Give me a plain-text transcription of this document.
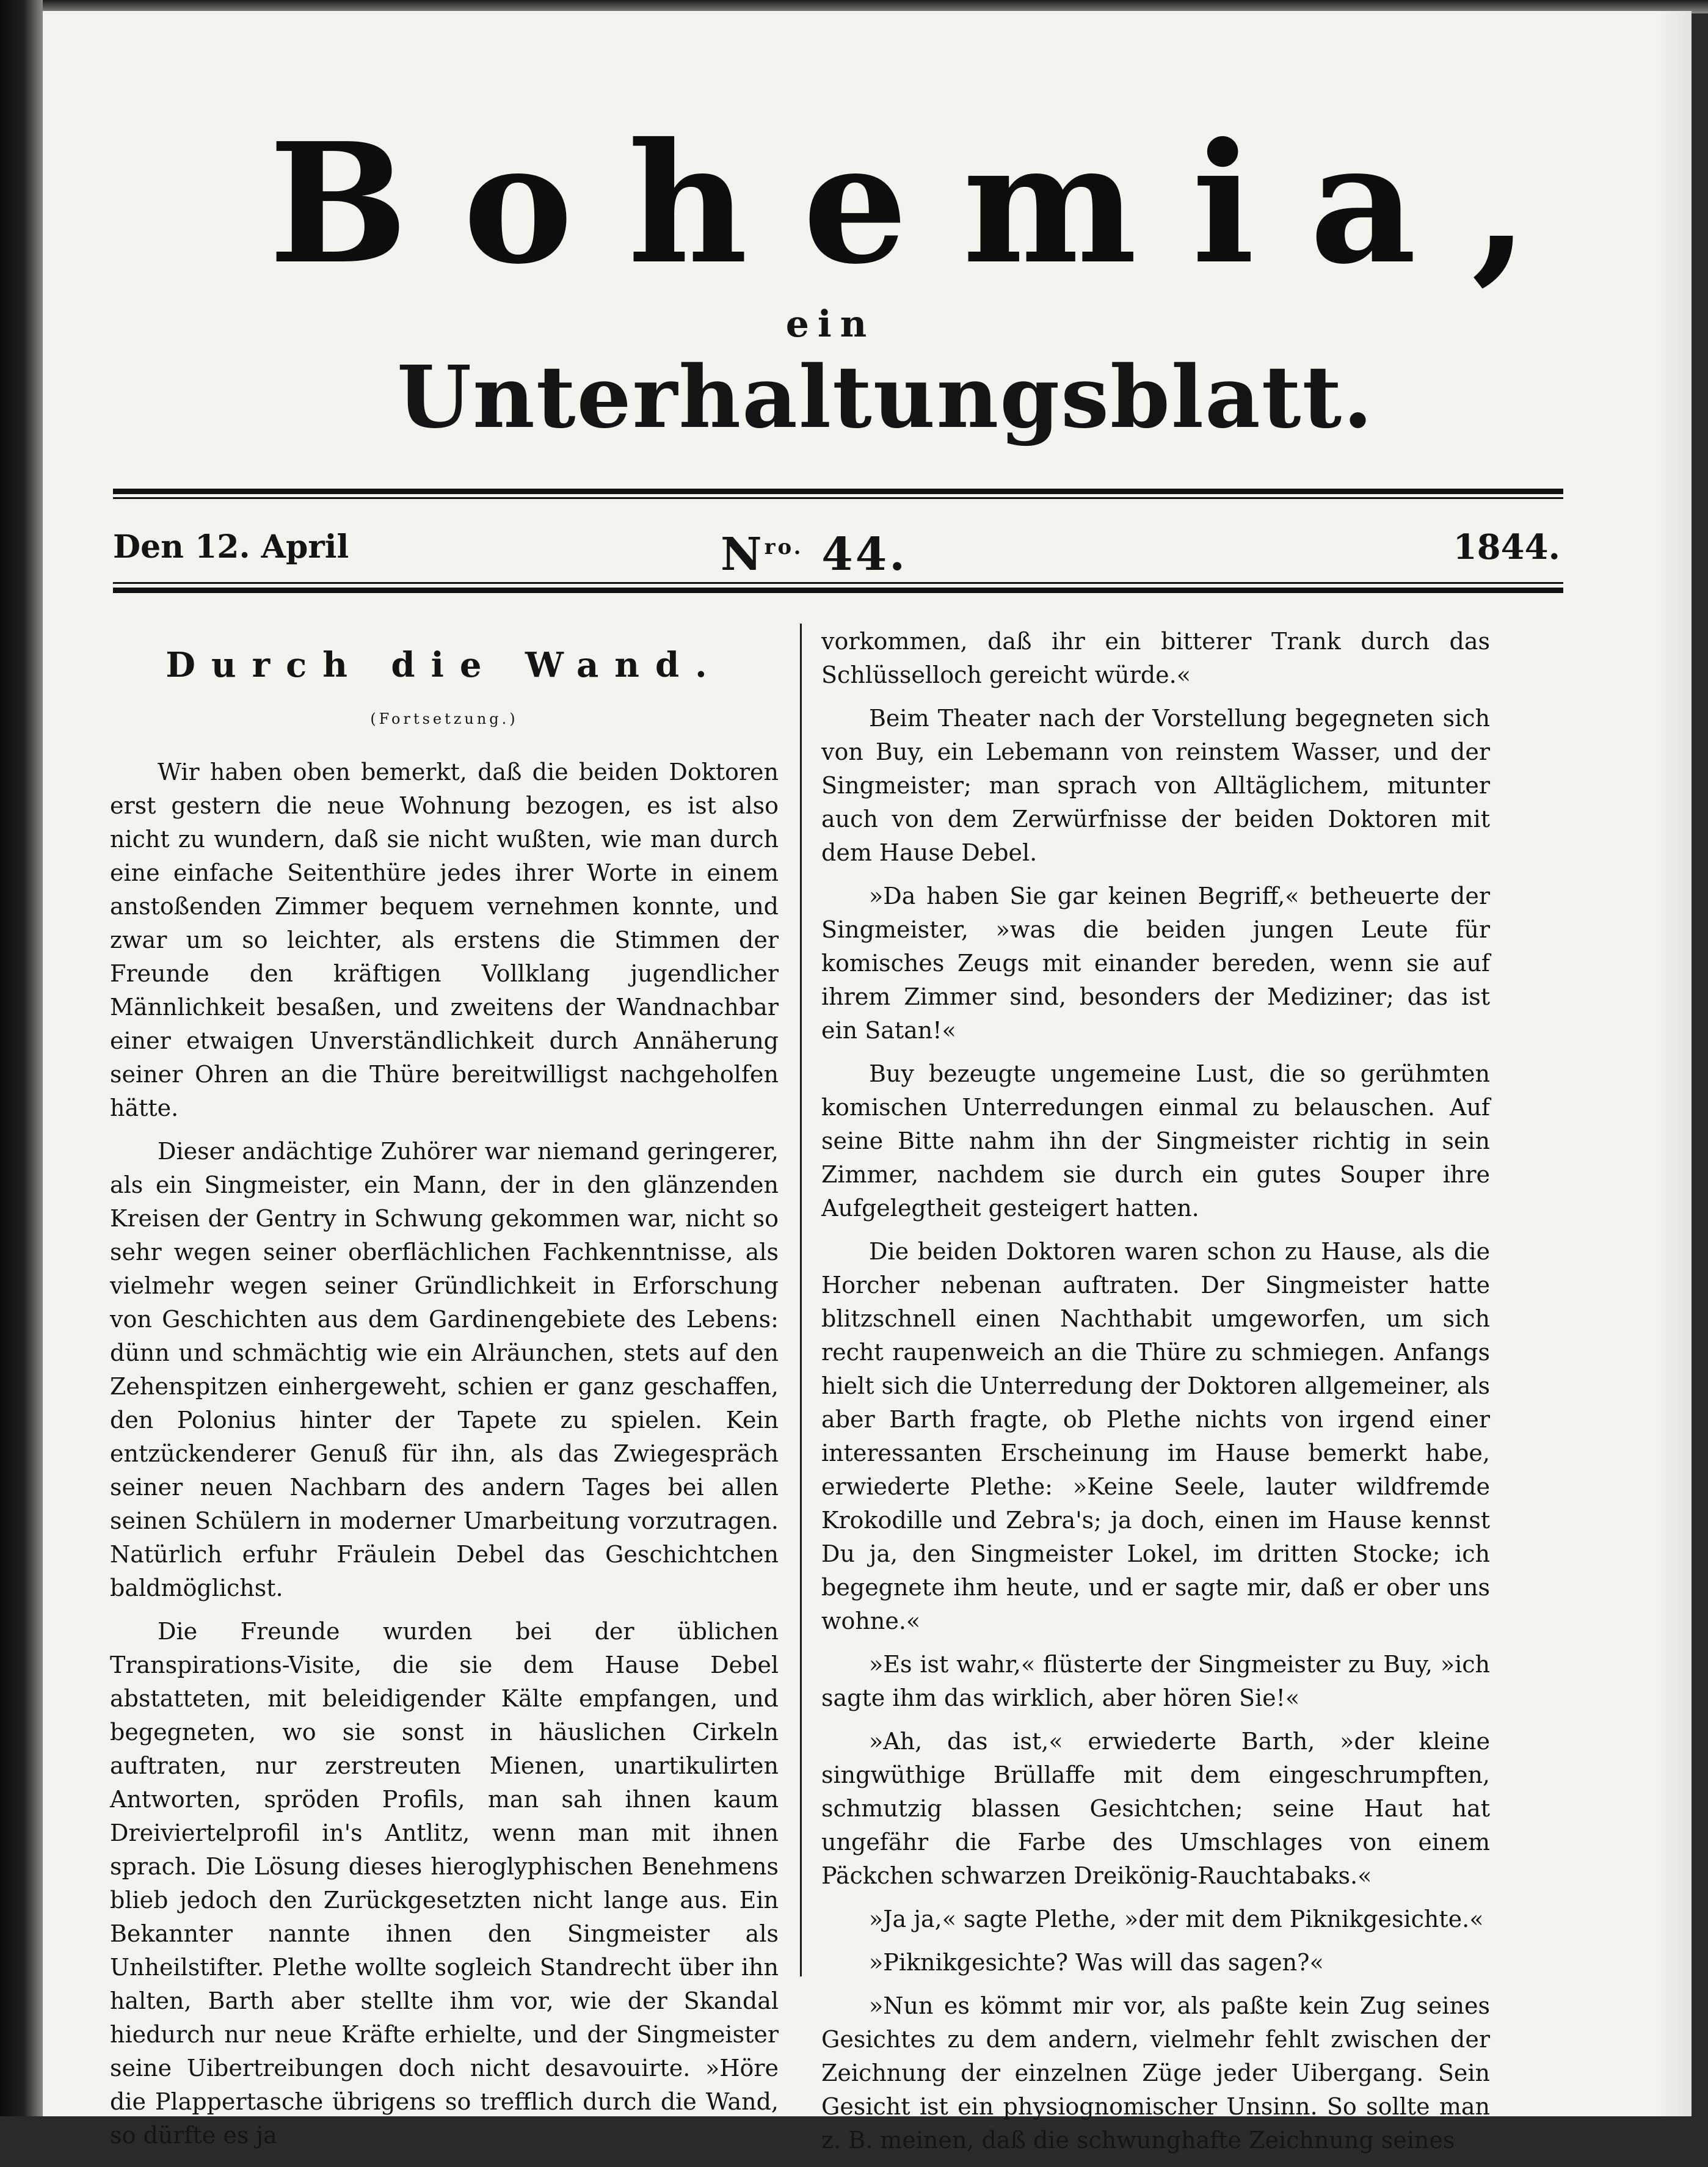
Bohemia,
ein
Unterhaltungsblatt.
Den 12. April	$N^{ro.}$ 44.	1844.
Durch die Wand.
(Fortsetzung.)

Wir haben oben bemerkt, daß die beiden Doktoren erst gestern die neue Wohnung bezogen, es ist also nicht zu wundern, daß sie nicht wußten, wie man durch eine einfache Seitenthüre jedes ihrer Worte in einem anstoßenden Zimmer bequem vernehmen konnte, und zwar um so leichter, als erstens die Stimmen der Freunde den kräftigen Vollklang jugendlicher Männlichkeit besaßen, und zweitens der Wandnachbar einer etwaigen Unverständlichkeit durch Annäherung seiner Ohren an die Thüre bereitwilligst nachgeholfen hätte.

Dieser andächtige Zuhörer war niemand geringerer, als ein Singmeister, ein Mann, der in den glänzenden Kreisen der Gentry in Schwung gekommen war, nicht so sehr wegen seiner oberflächlichen Fachkenntnisse, als vielmehr wegen seiner Gründlichkeit in Erforschung von Geschichten aus dem Gardinengebiete des Lebens: dünn und schmächtig wie ein Alräunchen, stets auf den Zehenspitzen einhergeweht, schien er ganz geschaffen, den Polonius hinter der Tapete zu spielen. Kein entzückenderer Genuß für ihn, als das Zwiegespräch seiner neuen Nachbarn des andern Tages bei allen seinen Schülern in moderner Umarbeitung vorzutragen. Natürlich erfuhr Fräulein Debel das Geschichtchen baldmöglichst.

Die Freunde wurden bei der üblichen Transpirations-Visite, die sie dem Hause Debel abstatteten, mit beleidigender Kälte empfangen, und begegneten, wo sie sonst in häuslichen Cirkeln auftraten, nur zerstreuten Mienen, unartikulirten Antworten, spröden Profils, man sah ihnen kaum Dreiviertelprofil in's Antlitz, wenn man mit ihnen sprach. Die Lösung dieses hieroglyphischen Benehmens blieb jedoch den Zurückgesetzten nicht lange aus. Ein Bekannter nannte ihnen den Singmeister als Unheilstifter. Plethe wollte sogleich Standrecht über ihn halten, Barth aber stellte ihm vor, wie der Skandal hiedurch nur neue Kräfte erhielte, und der Singmeister seine Uibertreibungen doch nicht desavouirte. »Höre die Plappertasche übrigens so trefflich durch die Wand, so dürfte es ja

vorkommen, daß ihr ein bitterer Trank durch das Schlüsselloch gereicht würde.«

Beim Theater nach der Vorstellung begegneten sich von Buy, ein Lebemann von reinstem Wasser, und der Singmeister; man sprach von Alltäglichem, mitunter auch von dem Zerwürfnisse der beiden Doktoren mit dem Hause Debel.

»Da haben Sie gar keinen Begriff,« betheuerte der Singmeister, »was die beiden jungen Leute für komisches Zeugs mit einander bereden, wenn sie auf ihrem Zimmer sind, besonders der Mediziner; das ist ein Satan!«

Buy bezeugte ungemeine Lust, die so gerühmten komischen Unterredungen einmal zu belauschen. Auf seine Bitte nahm ihn der Singmeister richtig in sein Zimmer, nachdem sie durch ein gutes Souper ihre Aufgelegtheit gesteigert hatten.

Die beiden Doktoren waren schon zu Hause, als die Horcher nebenan auftraten. Der Singmeister hatte blitzschnell einen Nachthabit umgeworfen, um sich recht raupenweich an die Thüre zu schmiegen. Anfangs hielt sich die Unterredung der Doktoren allgemeiner, als aber Barth fragte, ob Plethe nichts von irgend einer interessanten Erscheinung im Hause bemerkt habe, erwiederte Plethe: »Keine Seele, lauter wildfremde Krokodille und Zebra's; ja doch, einen im Hause kennst Du ja, den Singmeister Lokel, im dritten Stocke; ich begegnete ihm heute, und er sagte mir, daß er ober uns wohne.«

»Es ist wahr,« flüsterte der Singmeister zu Buy, »ich sagte ihm das wirklich, aber hören Sie!«

»Ah, das ist,« erwiederte Barth, »der kleine singwüthige Brüllaffe mit dem eingeschrumpften, schmutzig blassen Gesichtchen; seine Haut hat ungefähr die Farbe des Umschlages von einem Päckchen schwarzen Dreikönig-Rauchtabaks.«

»Ja ja,« sagte Plethe, »der mit dem Piknikgesichte.«

»Piknikgesichte? Was will das sagen?«

»Nun es kömmt mir vor, als paßte kein Zug seines Gesichtes zu dem andern, vielmehr fehlt zwischen der Zeichnung der einzelnen Züge jeder Uibergang. Sein Gesicht ist ein physiognomischer Unsinn. So sollte man z. B. meinen, daß die schwunghafte Zeichnung seines
